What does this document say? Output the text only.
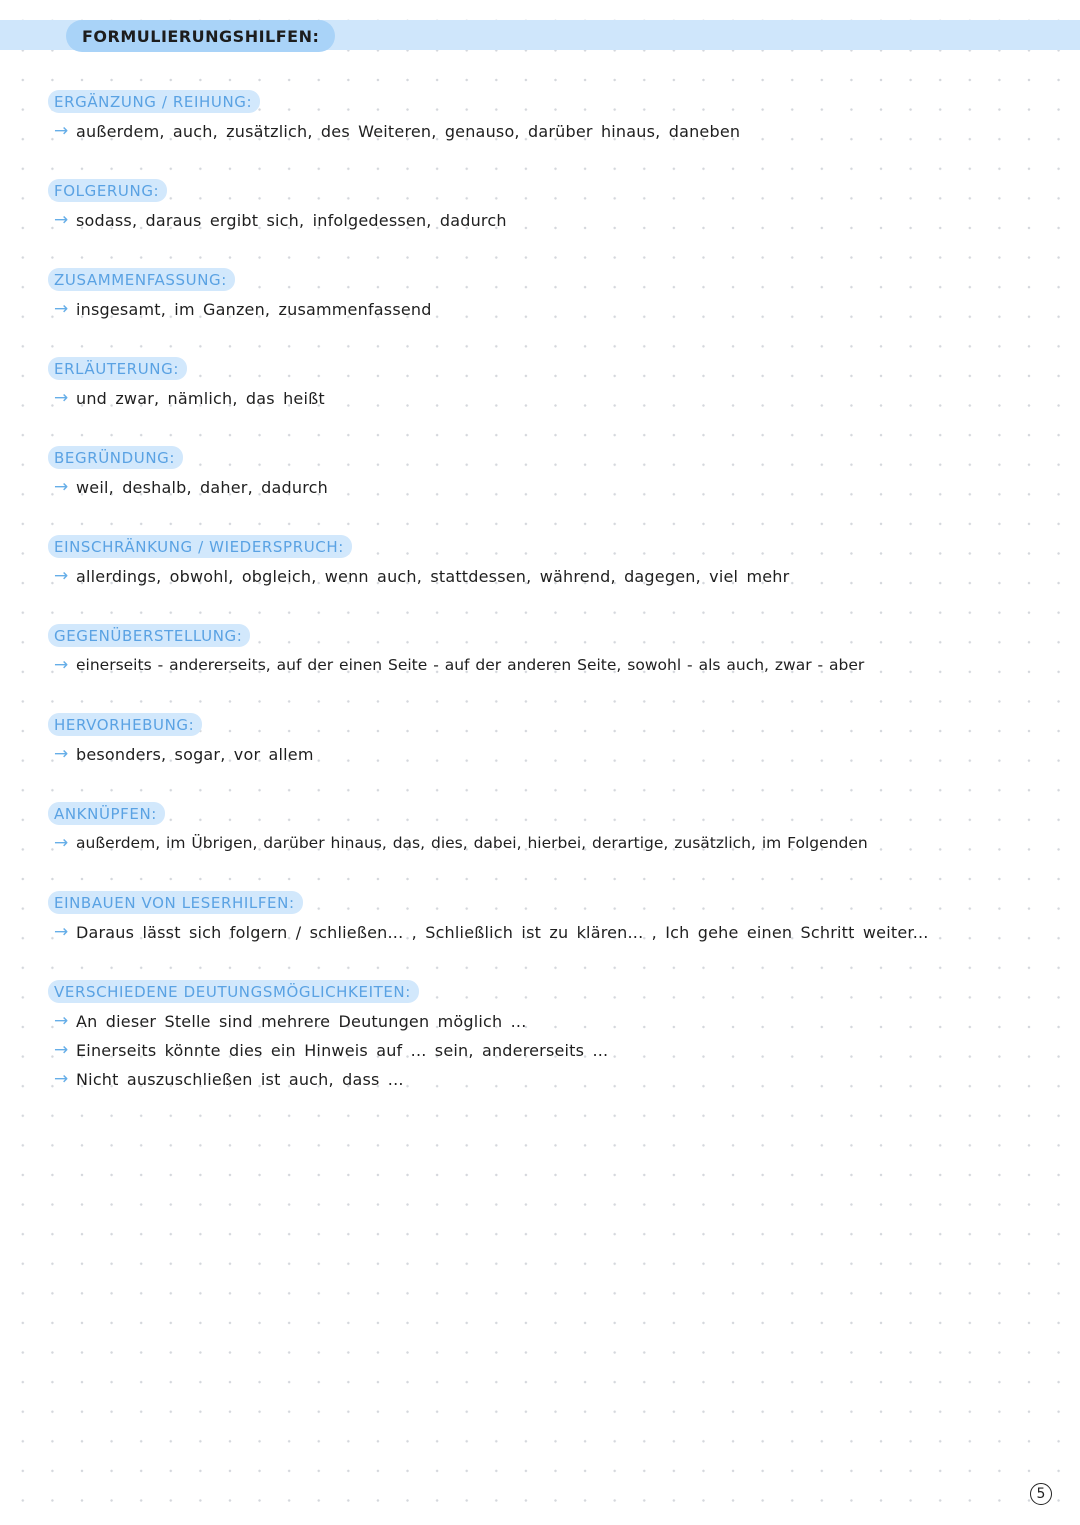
FORMULIERUNGSHILFEN:
ERGÄNZUNG / REIHUNG:
→ außerdem, auch, zusätzlich, des Weiteren, genauso, darüber hinaus, daneben
FOLGERUNG:
→ sodass, daraus ergibt sich, infolgedessen, dadurch
ZUSAMMENFASSUNG:
→ insgesamt, im Ganzen, zusammenfassend
ERLÄUTERUNG:
→ und zwar, nämlich, das heißt
BEGRÜNDUNG:
→ weil, deshalb, daher, dadurch
EINSCHRÄNKUNG / WIEDERSPRUCH:
→ allerdings, obwohl, obgleich, wenn auch, stattdessen, während, dagegen, viel mehr
GEGENÜBERSTELLUNG:
→ einerseits - andererseits, auf der einen Seite - auf der anderen Seite, sowohl - als auch, zwar - aber
HERVORHEBUNG:
→ besonders, sogar, vor allem
ANKNÜPFEN:
→ außerdem, im Übrigen, darüber hinaus, das, dies, dabei, hierbei, derartige, zusätzlich, im Folgenden
EINBAUEN VON LESERHILFEN:
→ Daraus lässt sich folgern / schließen... , Schließlich ist zu klären... , Ich gehe einen Schritt weiter...
VERSCHIEDENE DEUTUNGSMÖGLICHKEITEN:
→ An dieser Stelle sind mehrere Deutungen möglich ...
→ Einerseits könnte dies ein Hinweis auf ... sein, andererseits ...
→ Nicht auszuschließen ist auch, dass ...
5
